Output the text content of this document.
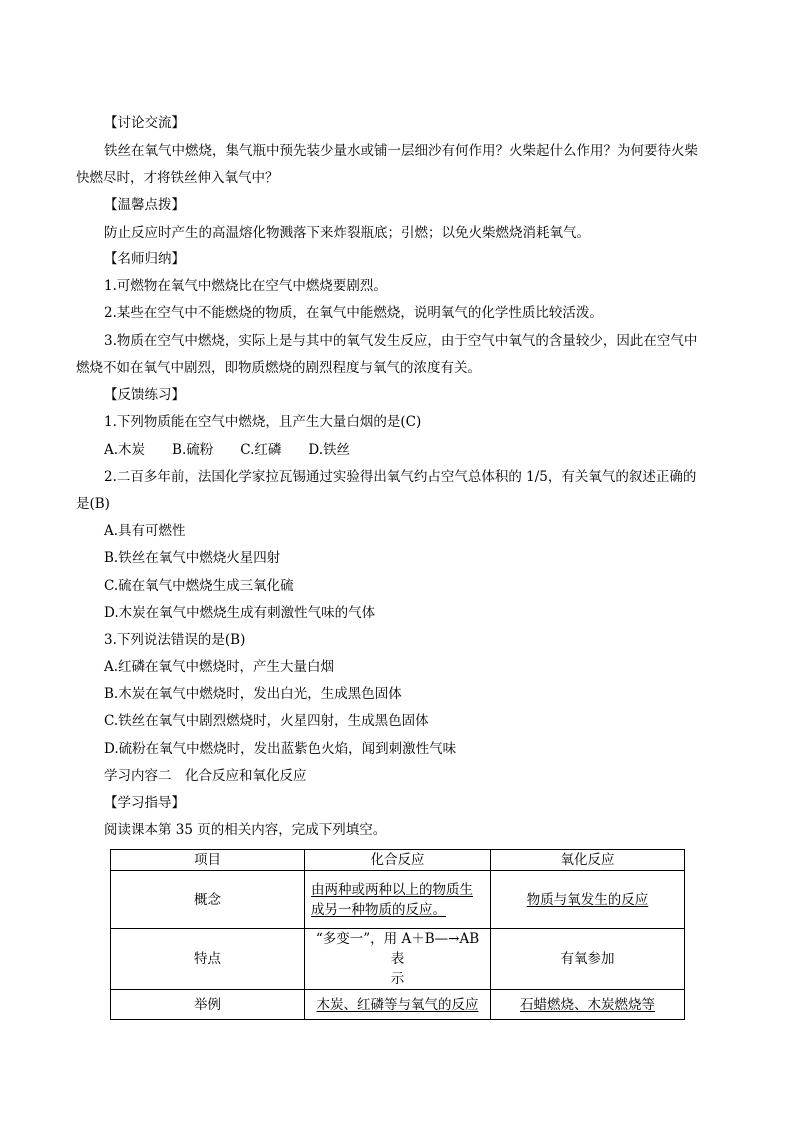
【讨论交流】
铁丝在氧气中燃烧，集气瓶中预先装少量水或铺一层细沙有何作用？火柴起什么作用？为何要待火柴
快燃尽时，才将铁丝伸入氧气中？
【温馨点拨】
防止反应时产生的高温熔化物溅落下来炸裂瓶底；引燃；以免火柴燃烧消耗氧气。
【名师归纳】
1.可燃物在氧气中燃烧比在空气中燃烧要剧烈。
2.某些在空气中不能燃烧的物质，在氧气中能燃烧，说明氧气的化学性质比较活泼。
3.物质在空气中燃烧，实际上是与其中的氧气发生反应，由于空气中氧气的含量较少，因此在空气中
燃烧不如在氧气中剧烈，即物质燃烧的剧烈程度与氧气的浓度有关。
【反馈练习】
1.下列物质能在空气中燃烧，且产生大量白烟的是(C)
A.木炭　　B.硫粉　　C.红磷　　D.铁丝
2.二百多年前，法国化学家拉瓦锡通过实验得出氧气约占空气总体积的 1/5，有关氧气的叙述正确的
是(B)
A.具有可燃性
B.铁丝在氧气中燃烧火星四射
C.硫在氧气中燃烧生成三氧化硫
D.木炭在氧气中燃烧生成有刺激性气味的气体
3.下列说法错误的是(B)
A.红磷在氧气中燃烧时，产生大量白烟
B.木炭在氧气中燃烧时，发出白光，生成黑色固体
C.铁丝在氧气中剧烈燃烧时，火星四射，生成黑色固体
D.硫粉在氧气中燃烧时，发出蓝紫色火焰，闻到刺激性气味
学习内容二　化合反应和氧化反应
【学习指导】
阅读课本第 35 页的相关内容，完成下列填空。
项目	化合反应	氧化反应
概念	由两种或两种以上的物质生
成另一种物质的反应。	物质与氧发生的反应
特点	“多变一”，用 A＋B—→AB 表
示	有氧参加
举例	木炭、红磷等与氧气的反应	石蜡燃烧、木炭燃烧等
